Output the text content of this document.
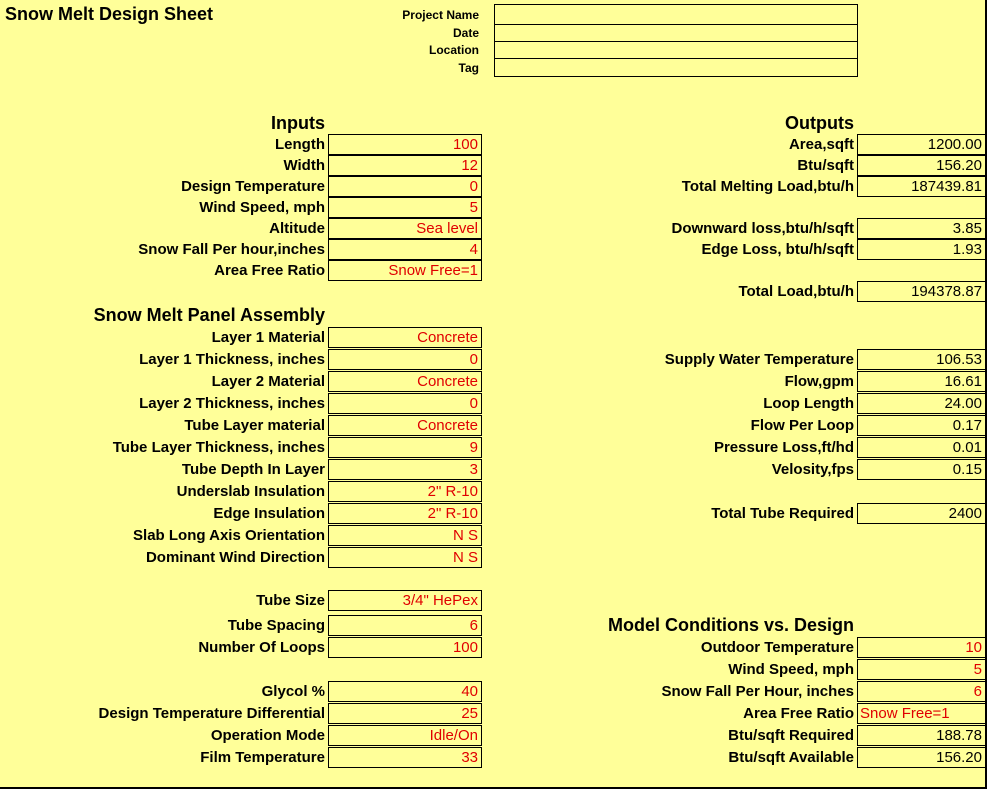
Snow Melt Design Sheet	Project Name
Date
Location
Tag
Inputs
Length	100
Width	12
Design Temperature	0
Wind Speed, mph	5
Altitude	Sea level
Snow Fall Per hour,inches	4
Area Free Ratio	Snow Free=1
Snow Melt Panel Assembly
Layer 1 Material	Concrete
Layer 1 Thickness, inches	0
Layer 2 Material	Concrete
Layer 2 Thickness, inches	0
Tube Layer material	Concrete
Tube Layer Thickness, inches	9
Tube Depth In Layer	3
Underslab Insulation	2" R-10
Edge Insulation	2" R-10
Slab Long Axis Orientation	N S
Dominant Wind Direction	N S
Tube Size	3/4" HePex
Tube Spacing	6
Number Of Loops	100
Glycol %	40
Design Temperature Differential	25
Operation Mode	Idle/On
Film Temperature	33
Outputs
Area,sqft	1200.00
Btu/sqft	156.20
Total Melting Load,btu/h	187439.81
Downward loss,btu/h/sqft	3.85
Edge Loss, btu/h/sqft	1.93
Total Load,btu/h	194378.87
Supply Water Temperature	106.53
Flow,gpm	16.61
Loop Length	24.00
Flow Per Loop	0.17
Pressure Loss,ft/hd	0.01
Velosity,fps	0.15
Total Tube Required	2400
Model Conditions vs. Design
Outdoor Temperature	10
Wind Speed, mph	5
Snow Fall Per Hour, inches	6
Area Free Ratio Snow Free=1
Btu/sqft Required	188.78
Btu/sqft Available	156.20
